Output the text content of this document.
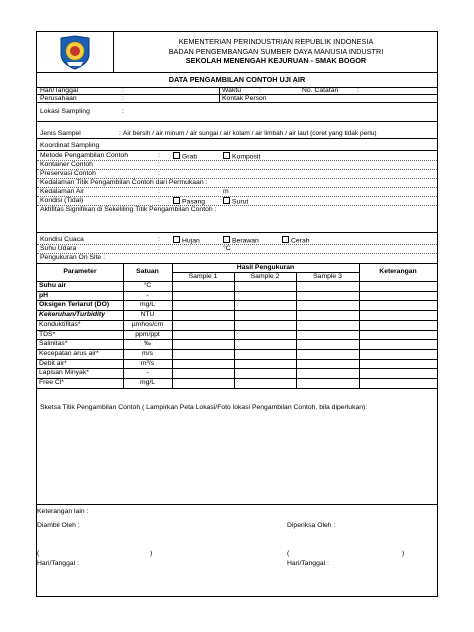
KEMENTERIAN PERINDUSTRIAN REPUBLIK INDONESIA
BADAN PENGEMBANGAN SUMBER DAYA MANUSIA INDUSTRI
SEKOLAH MENENGAH KEJURUAN - SMAK BOGOR
DATA PENGAMBILAN CONTOH UJI AIR
Hari/Tanggal	:	Waktu	:	No. Catatan	:
Perusahaan	:	Kontak Person
Lokasi Sampling	:
Jenis Sampel	: Air bersih / air minum / air sungai / air kolam / air limbah / air laut (coret yang tidak perlu)
Koordinat Sampling
Metode Pengambilan Contoh	:	Grab	Komposit
Kontainer Contoh	:
Preservasi Contoh	:
Kedalaman Titik Pengambilan Contoh dari Permukaan :
Kedalaman Air	:	m
Kondisi (Tidal)	:	Pasang	Surut
Aktifitas Signifikan di Sekeliling Titik Pengambilan Contoh :
Kondisi Cuaca	:	Hujan	Berawan	Cerah
Suhu Udara	:	°C
Pengukuran On Site :
Parameter	Satuan
Hasil Pengukuran
Keterangan
Sample 1	Sample 2	Sample 3
Suhu air	°C
pH	-
Oksigen Terlarut (DO)	mg/L
Kekeruhan/Turbidity	NTU
Konduktifitas*	µmhos/cm
TDS*	ppm/ppt
Salinitas*	‰
Kecepatan arus air*	m/s
Debit air*	m³/s
Lapisan Minyak*	-
Free Cl*	mg/L
Sketsa Titik Pengambilan Contoh ( Lampirkan Peta Lokasi/Foto lokasi Pengambilan Contoh, bila diperlukan):
Keterangan lain :
Diambil Oleh :	Diperiksa Oleh :
(	)	(	)
Hari/Tanggal :	Hari/Tanggal :
